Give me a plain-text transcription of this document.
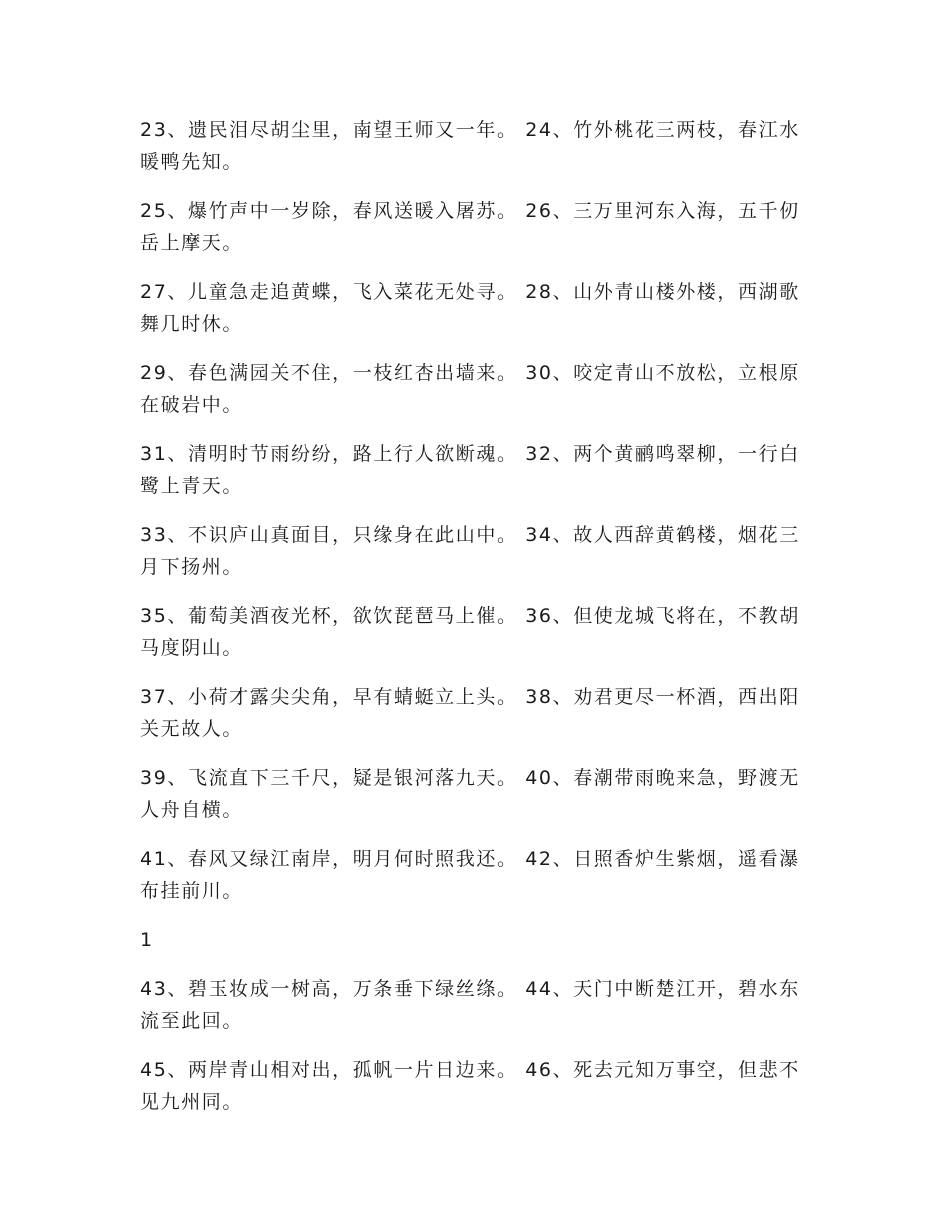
23、遗民泪尽胡尘里，南望王师又一年。 24、竹外桃花三两枝，春江水暖鸭先知。

25、爆竹声中一岁除，春风送暖入屠苏。 26、三万里河东入海，五千仞岳上摩天。

27、儿童急走追黄蝶，飞入菜花无处寻。 28、山外青山楼外楼，西湖歌舞几时休。

29、春色满园关不住，一枝红杏出墙来。 30、咬定青山不放松，立根原在破岩中。

31、清明时节雨纷纷，路上行人欲断魂。 32、两个黄鹂鸣翠柳，一行白鹭上青天。

33、不识庐山真面目，只缘身在此山中。 34、故人西辞黄鹤楼，烟花三月下扬州。

35、葡萄美酒夜光杯，欲饮琵琶马上催。 36、但使龙城飞将在，不教胡马度阴山。

37、小荷才露尖尖角，早有蜻蜓立上头。 38、劝君更尽一杯酒，西出阳关无故人。

39、飞流直下三千尺，疑是银河落九天。 40、春潮带雨晚来急，野渡无人舟自横。

41、春风又绿江南岸，明月何时照我还。 42、日照香炉生紫烟，遥看瀑布挂前川。

1

43、碧玉妆成一树高，万条垂下绿丝绦。 44、天门中断楚江开，碧水东流至此回。

45、两岸青山相对出，孤帆一片日边来。 46、死去元知万事空，但悲不见九州同。
